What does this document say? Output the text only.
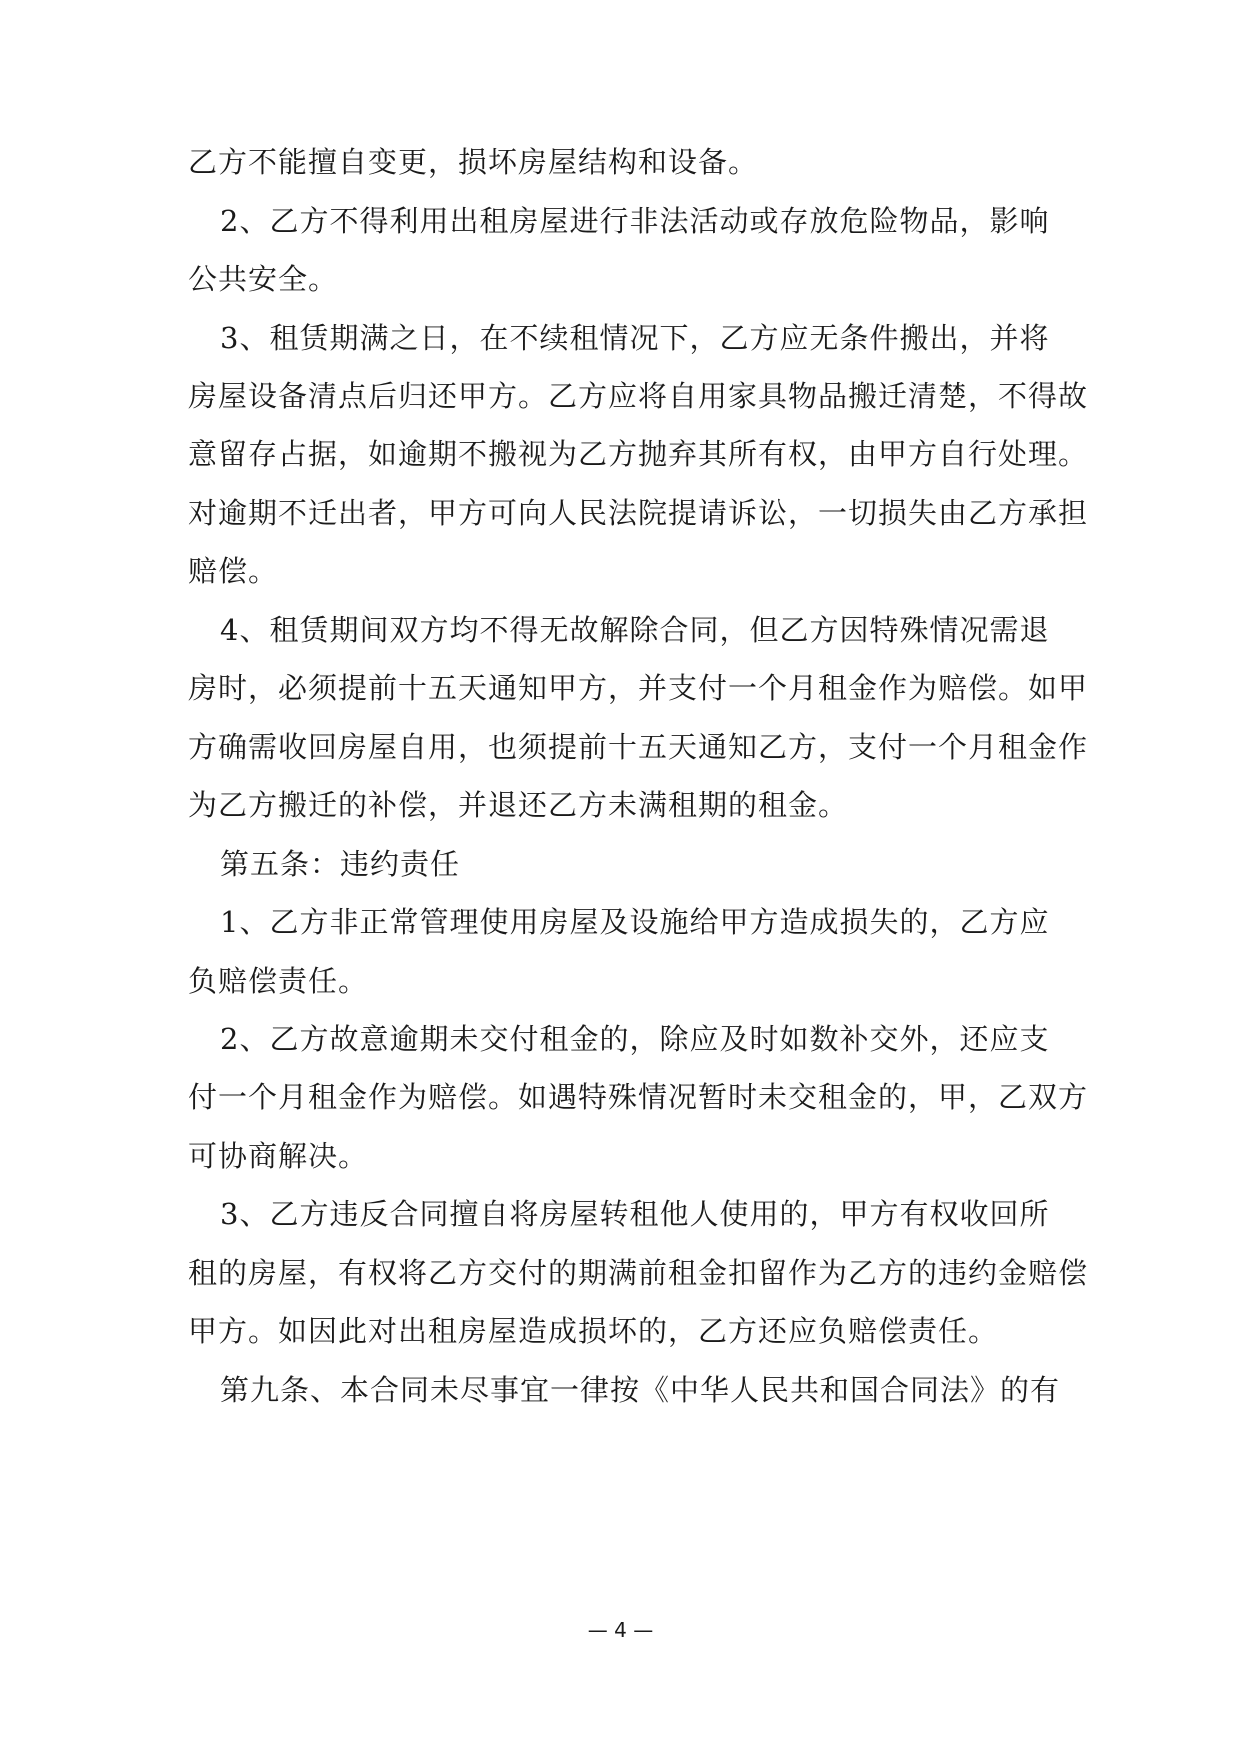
乙方不能擅自变更，损坏房屋结构和设备。
2、乙方不得利用出租房屋进行非法活动或存放危险物品，影响
公共安全。
3、租赁期满之日，在不续租情况下，乙方应无条件搬出，并将
房屋设备清点后归还甲方。乙方应将自用家具物品搬迁清楚，不得故
意留存占据，如逾期不搬视为乙方抛弃其所有权，由甲方自行处理。
对逾期不迁出者，甲方可向人民法院提请诉讼，一切损失由乙方承担
赔偿。
4、租赁期间双方均不得无故解除合同，但乙方因特殊情况需退
房时，必须提前十五天通知甲方，并支付一个月租金作为赔偿。如甲
方确需收回房屋自用，也须提前十五天通知乙方，支付一个月租金作
为乙方搬迁的补偿，并退还乙方未满租期的租金。
第五条：违约责任
1、乙方非正常管理使用房屋及设施给甲方造成损失的，乙方应
负赔偿责任。
2、乙方故意逾期未交付租金的，除应及时如数补交外，还应支
付一个月租金作为赔偿。如遇特殊情况暂时未交租金的，甲，乙双方
可协商解决。
3、乙方违反合同擅自将房屋转租他人使用的，甲方有权收回所
租的房屋，有权将乙方交付的期满前租金扣留作为乙方的违约金赔偿
甲方。如因此对出租房屋造成损坏的，乙方还应负赔偿责任。
第九条、本合同未尽事宜一律按《中华人民共和国合同法》的有
— 4 —
